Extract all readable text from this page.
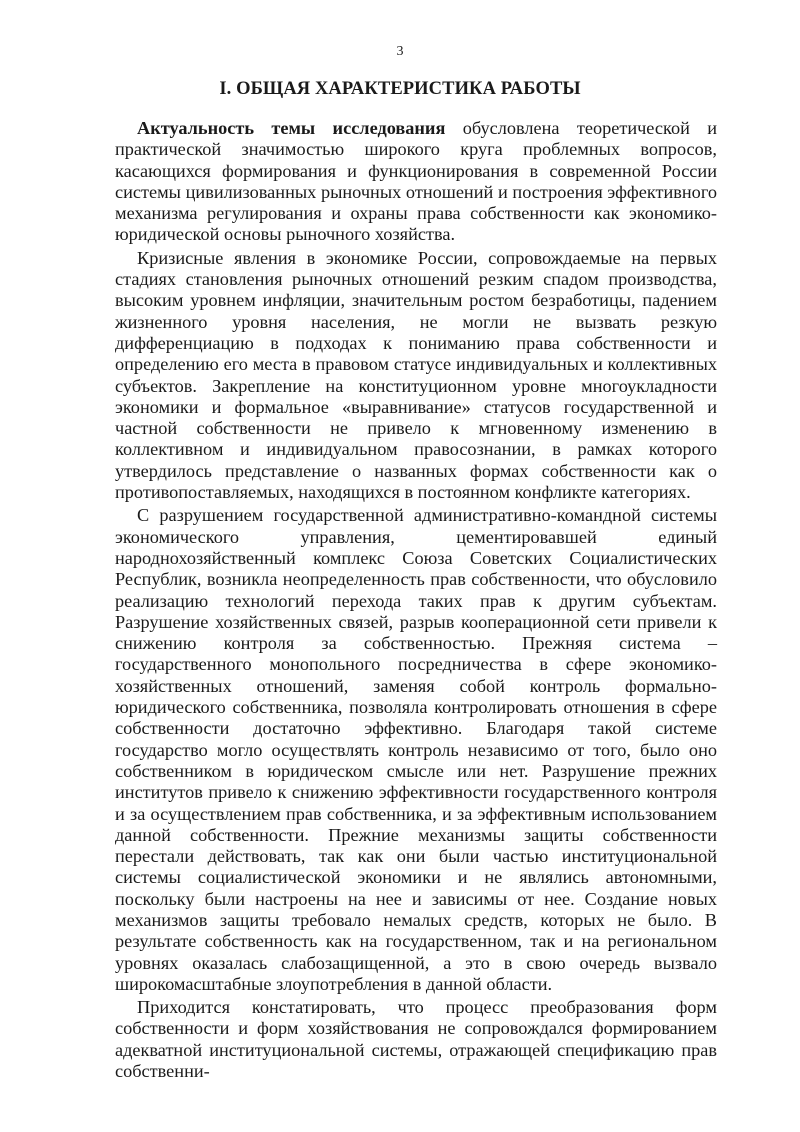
3
I. ОБЩАЯ ХАРАКТЕРИСТИКА РАБОТЫ

Актуальность темы исследования обусловлена теоретической и практической значимостью широкого круга проблемных вопросов, касающихся формирования и функционирования в современной России системы цивилизованных рыночных отношений и построения эффективного механизма регулирования и охраны права собственности как экономико-юридической основы рыночного хозяйства.

Кризисные явления в экономике России, сопровождаемые на первых стадиях становления рыночных отношений резким спадом производства, высоким уровнем инфляции, значительным ростом безработицы, падением жизненного уровня населения, не могли не вызвать резкую дифференциацию в подходах к пониманию права собственности и определению его места в правовом статусе индивидуальных и коллективных субъектов. Закрепление на конституционном уровне многоукладности экономики и формальное «выравнивание» статусов государственной и частной собственности не привело к мгновенному изменению в коллективном и индивидуальном правосознании, в рамках которого утвердилось представление о названных формах собственности как о противопоставляемых, находящихся в постоянном конфликте категориях.

С разрушением государственной административно-командной системы экономического управления, цементировавшей единый народнохозяйственный комплекс Союза Советских Социалистических Республик, возникла неопределенность прав собственности, что обусловило реализацию технологий перехода таких прав к другим субъектам. Разрушение хозяйственных связей, разрыв кооперационной сети привели к снижению контроля за собственностью. Прежняя система – государственного монопольного посредничества в сфере экономико-хозяйственных отношений, заменяя собой контроль формально-юридического собственника, позволяла контролировать отношения в сфере собственности достаточно эффективно. Благодаря такой системе государство могло осуществлять контроль независимо от того, было оно собственником в юридическом смысле или нет. Разрушение прежних институтов привело к снижению эффективности государственного контроля и за осуществлением прав собственника, и за эффективным использованием данной собственности. Прежние механизмы защиты собственности перестали действовать, так как они были частью институциональной системы социалистической экономики и не являлись автономными, поскольку были настроены на нее и зависимы от нее. Создание новых механизмов защиты требовало немалых средств, которых не было. В результате собственность как на государственном, так и на региональном уровнях оказалась слабозащищенной, а это в свою очередь вызвало широкомасштабные злоупотребления в данной области.

Приходится констатировать, что процесс преобразования форм собственности и форм хозяйствования не сопровождался формированием адекватной институциональной системы, отражающей спецификацию прав собственни-
